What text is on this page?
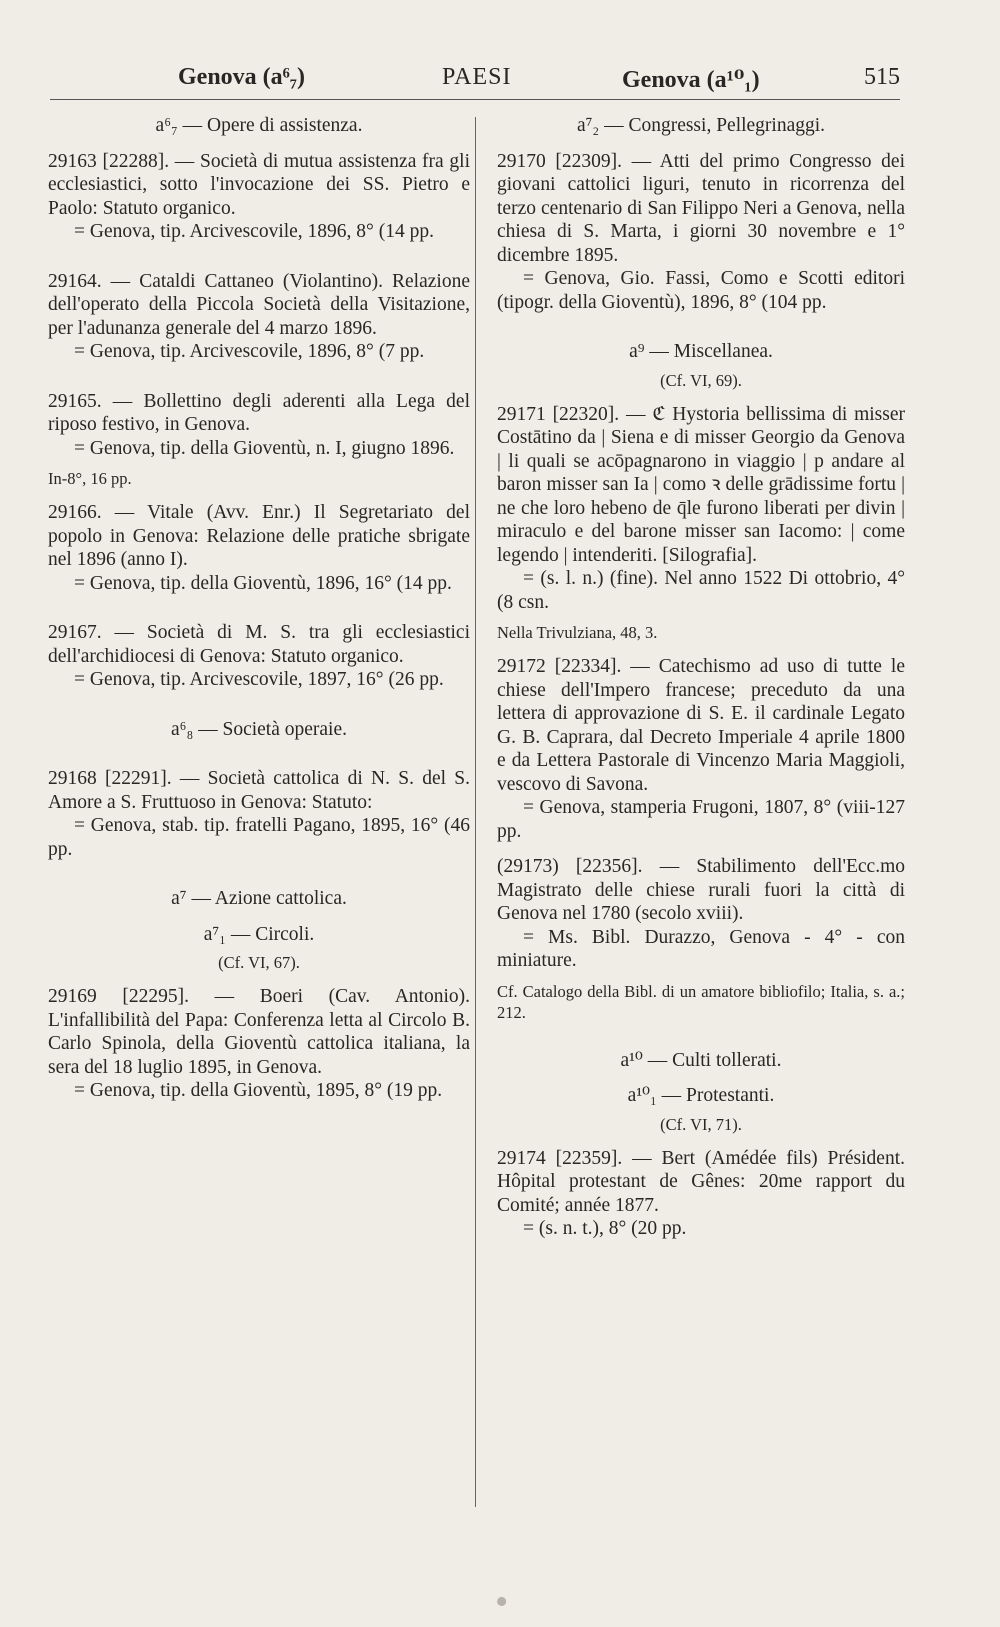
Genova (a⁶₇)	PAESI	Genova (a¹⁰₁)	515

a⁶₇ — Opere di assistenza.

29163 [22288]. — Società di mutua assistenza fra gli ecclesiastici, sotto l'invocazione dei SS. Pietro e Paolo: Statuto organico.

= Genova, tip. Arcivescovile, 1896, 8° (14 pp.

29164. — Cataldi Cattaneo (Violantino). Relazione dell'operato della Piccola Società della Visitazione, per l'adunanza generale del 4 marzo 1896.

= Genova, tip. Arcivescovile, 1896, 8° (7 pp.

29165. — Bollettino degli aderenti alla Lega del riposo festivo, in Genova.

= Genova, tip. della Gioventù, n. I, giugno 1896.

In-8°, 16 pp.

29166. — Vitale (Avv. Enr.) Il Segretariato del popolo in Genova: Relazione delle pratiche sbrigate nel 1896 (anno I).

= Genova, tip. della Gioventù, 1896, 16° (14 pp.

29167. — Società di M. S. tra gli ecclesiastici dell'archidiocesi di Genova: Statuto organico.

= Genova, tip. Arcivescovile, 1897, 16° (26 pp.

a⁶₈ — Società operaie.

29168 [22291]. — Società cattolica di N. S. del S. Amore a S. Fruttuoso in Genova: Statuto:

= Genova, stab. tip. fratelli Pagano, 1895, 16° (46 pp.

a⁷ — Azione cattolica.

a⁷₁ — Circoli.

(Cf. VI, 67).

29169 [22295]. — Boeri (Cav. Antonio). L'infallibilità del Papa: Conferenza letta al Circolo B. Carlo Spinola, della Gioventù cattolica italiana, la sera del 18 luglio 1895, in Genova.

= Genova, tip. della Gioventù, 1895, 8° (19 pp.

a⁷₂ — Congressi, Pellegrinaggi.

29170 [22309]. — Atti del primo Congresso dei giovani cattolici liguri, tenuto in ricorrenza del terzo centenario di San Filippo Neri a Genova, nella chiesa di S. Marta, i giorni 30 novembre e 1° dicembre 1895.

= Genova, Gio. Fassi, Como e Scotti editori (tipogr. della Gioventù), 1896, 8° (104 pp.

a⁹ — Miscellanea.

(Cf. VI, 69).

29171 [22320]. — ℭ Hystoria bellissima di misser Costātino da | Siena e di misser Georgio da Genova | li quali se acōpagnarono in viaggio | p andare al baron misser san Ia | como ꝛ delle grādissime fortu | ne che loro hebeno de q̄le furono liberati per divin | miraculo e del barone misser san Iacomo: | come legendo | intenderiti. [Silografia].

= (s. l. n.) (fine). Nel anno 1522 Di ottobrio, 4° (8 csn.

Nella Trivulziana, 48, 3.

29172 [22334]. — Catechismo ad uso di tutte le chiese dell'Impero francese; preceduto da una lettera di approvazione di S. E. il cardinale Legato G. B. Caprara, dal Decreto Imperiale 4 aprile 1800 e da Lettera Pastorale di Vincenzo Maria Maggioli, vescovo di Savona.

= Genova, stamperia Frugoni, 1807, 8° (viii-127 pp.

(29173) [22356]. — Stabilimento dell'Ecc.mo Magistrato delle chiese rurali fuori la città di Genova nel 1780 (secolo xviii).

= Ms. Bibl. Durazzo, Genova - 4° - con miniature.

Cf. Catalogo della Bibl. di un amatore bibliofilo; Italia, s. a.; 212.

a¹⁰ — Culti tollerati.

a¹⁰₁ — Protestanti.

(Cf. VI, 71).

29174 [22359]. — Bert (Amédée fils) Président. Hôpital protestant de Gênes: 20me rapport du Comité; année 1877.

= (s. n. t.), 8° (20 pp.

•
